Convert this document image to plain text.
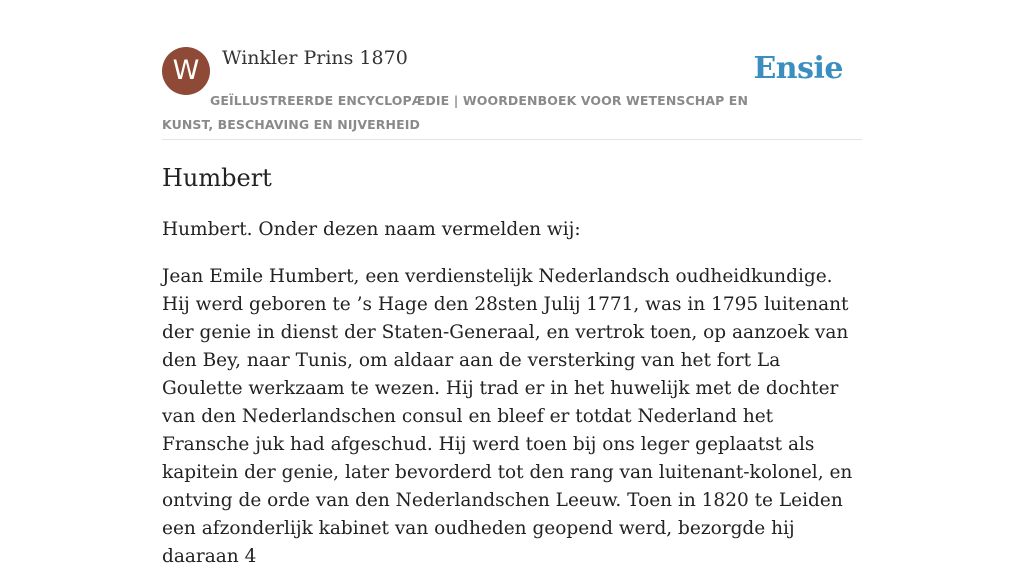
W	Winkler Prins 1870	Ensie
GEÏLLUSTREERDE ENCYCLOPÆDIE | WOORDENBOEK VOOR WETENSCHAP EN KUNST, BESCHAVING EN NIJVERHEID
Humbert

Humbert. Onder dezen naam vermelden wij:

Jean Emile Humbert, een verdienstelijk Nederlandsch oudheidkundige. Hij werd geboren te ’s Hage den 28sten Julij 1771, was in 1795 luitenant der genie in dienst der Staten-Generaal, en vertrok toen, op aanzoek van den Bey, naar Tunis, om aldaar aan de versterking van het fort La Goulette werkzaam te wezen. Hij trad er in het huwelijk met de dochter van den Nederlandschen consul en bleef er totdat Nederland het Fransche juk had afgeschud. Hij werd toen bij ons leger geplaatst als kapitein der genie, later bevorderd tot den rang van luitenant-kolonel, en ontving de orde van den Nederlandschen Leeuw. Toen in 1820 te Leiden een afzonderlijk kabinet van oudheden geopend werd, bezorgde hij daaraan 4
